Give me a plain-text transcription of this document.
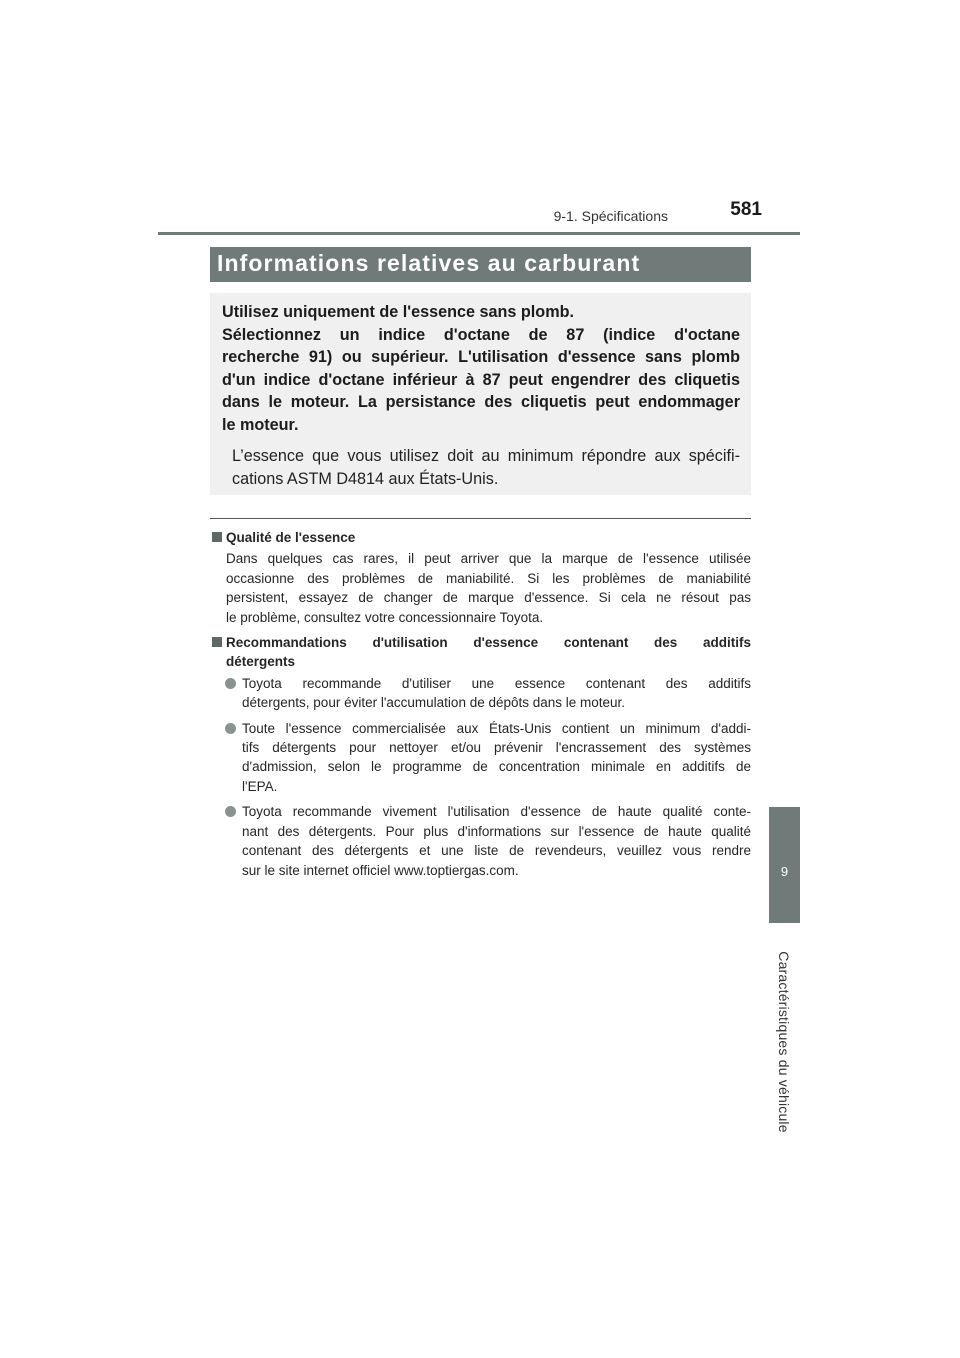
581
9-1. Spécifications
Informations relatives au carburant

Utilisez uniquement de l'essence sans plomb.
Sélectionnez un indice d'octane de 87 (indice d'octane
recherche 91) ou supérieur. L'utilisation d'essence sans plomb
d'un indice d'octane inférieur à 87 peut engendrer des cliquetis
dans le moteur. La persistance des cliquetis peut endommager
le moteur.

L’essence que vous utilisez doit au minimum répondre aux spécifi-
cations ASTM D4814 aux États-Unis.

Qualité de l'essence
Dans quelques cas rares, il peut arriver que la marque de l'essence utilisée
occasionne des problèmes de maniabilité. Si les problèmes de maniabilité
persistent, essayez de changer de marque d'essence. Si cela ne résout pas
le problème, consultez votre concessionnaire Toyota.
Recommandations d'utilisation d'essence contenant des additifs
détergents
Toyota recommande d'utiliser une essence contenant des additifs
détergents, pour éviter l'accumulation de dépôts dans le moteur.
Toute l'essence commercialisée aux États-Unis contient un minimum d'addi-
tifs détergents pour nettoyer et/ou prévenir l'encrassement des systèmes
d'admission, selon le programme de concentration minimale en additifs de
l'EPA.
Toyota recommande vivement l'utilisation d'essence de haute qualité conte-
nant des détergents. Pour plus d'informations sur l'essence de haute qualité
contenant des détergents et une liste de revendeurs, veuillez vous rendre
sur le site internet officiel www.toptiergas.com.	9
Caractéristiques du véhicule
